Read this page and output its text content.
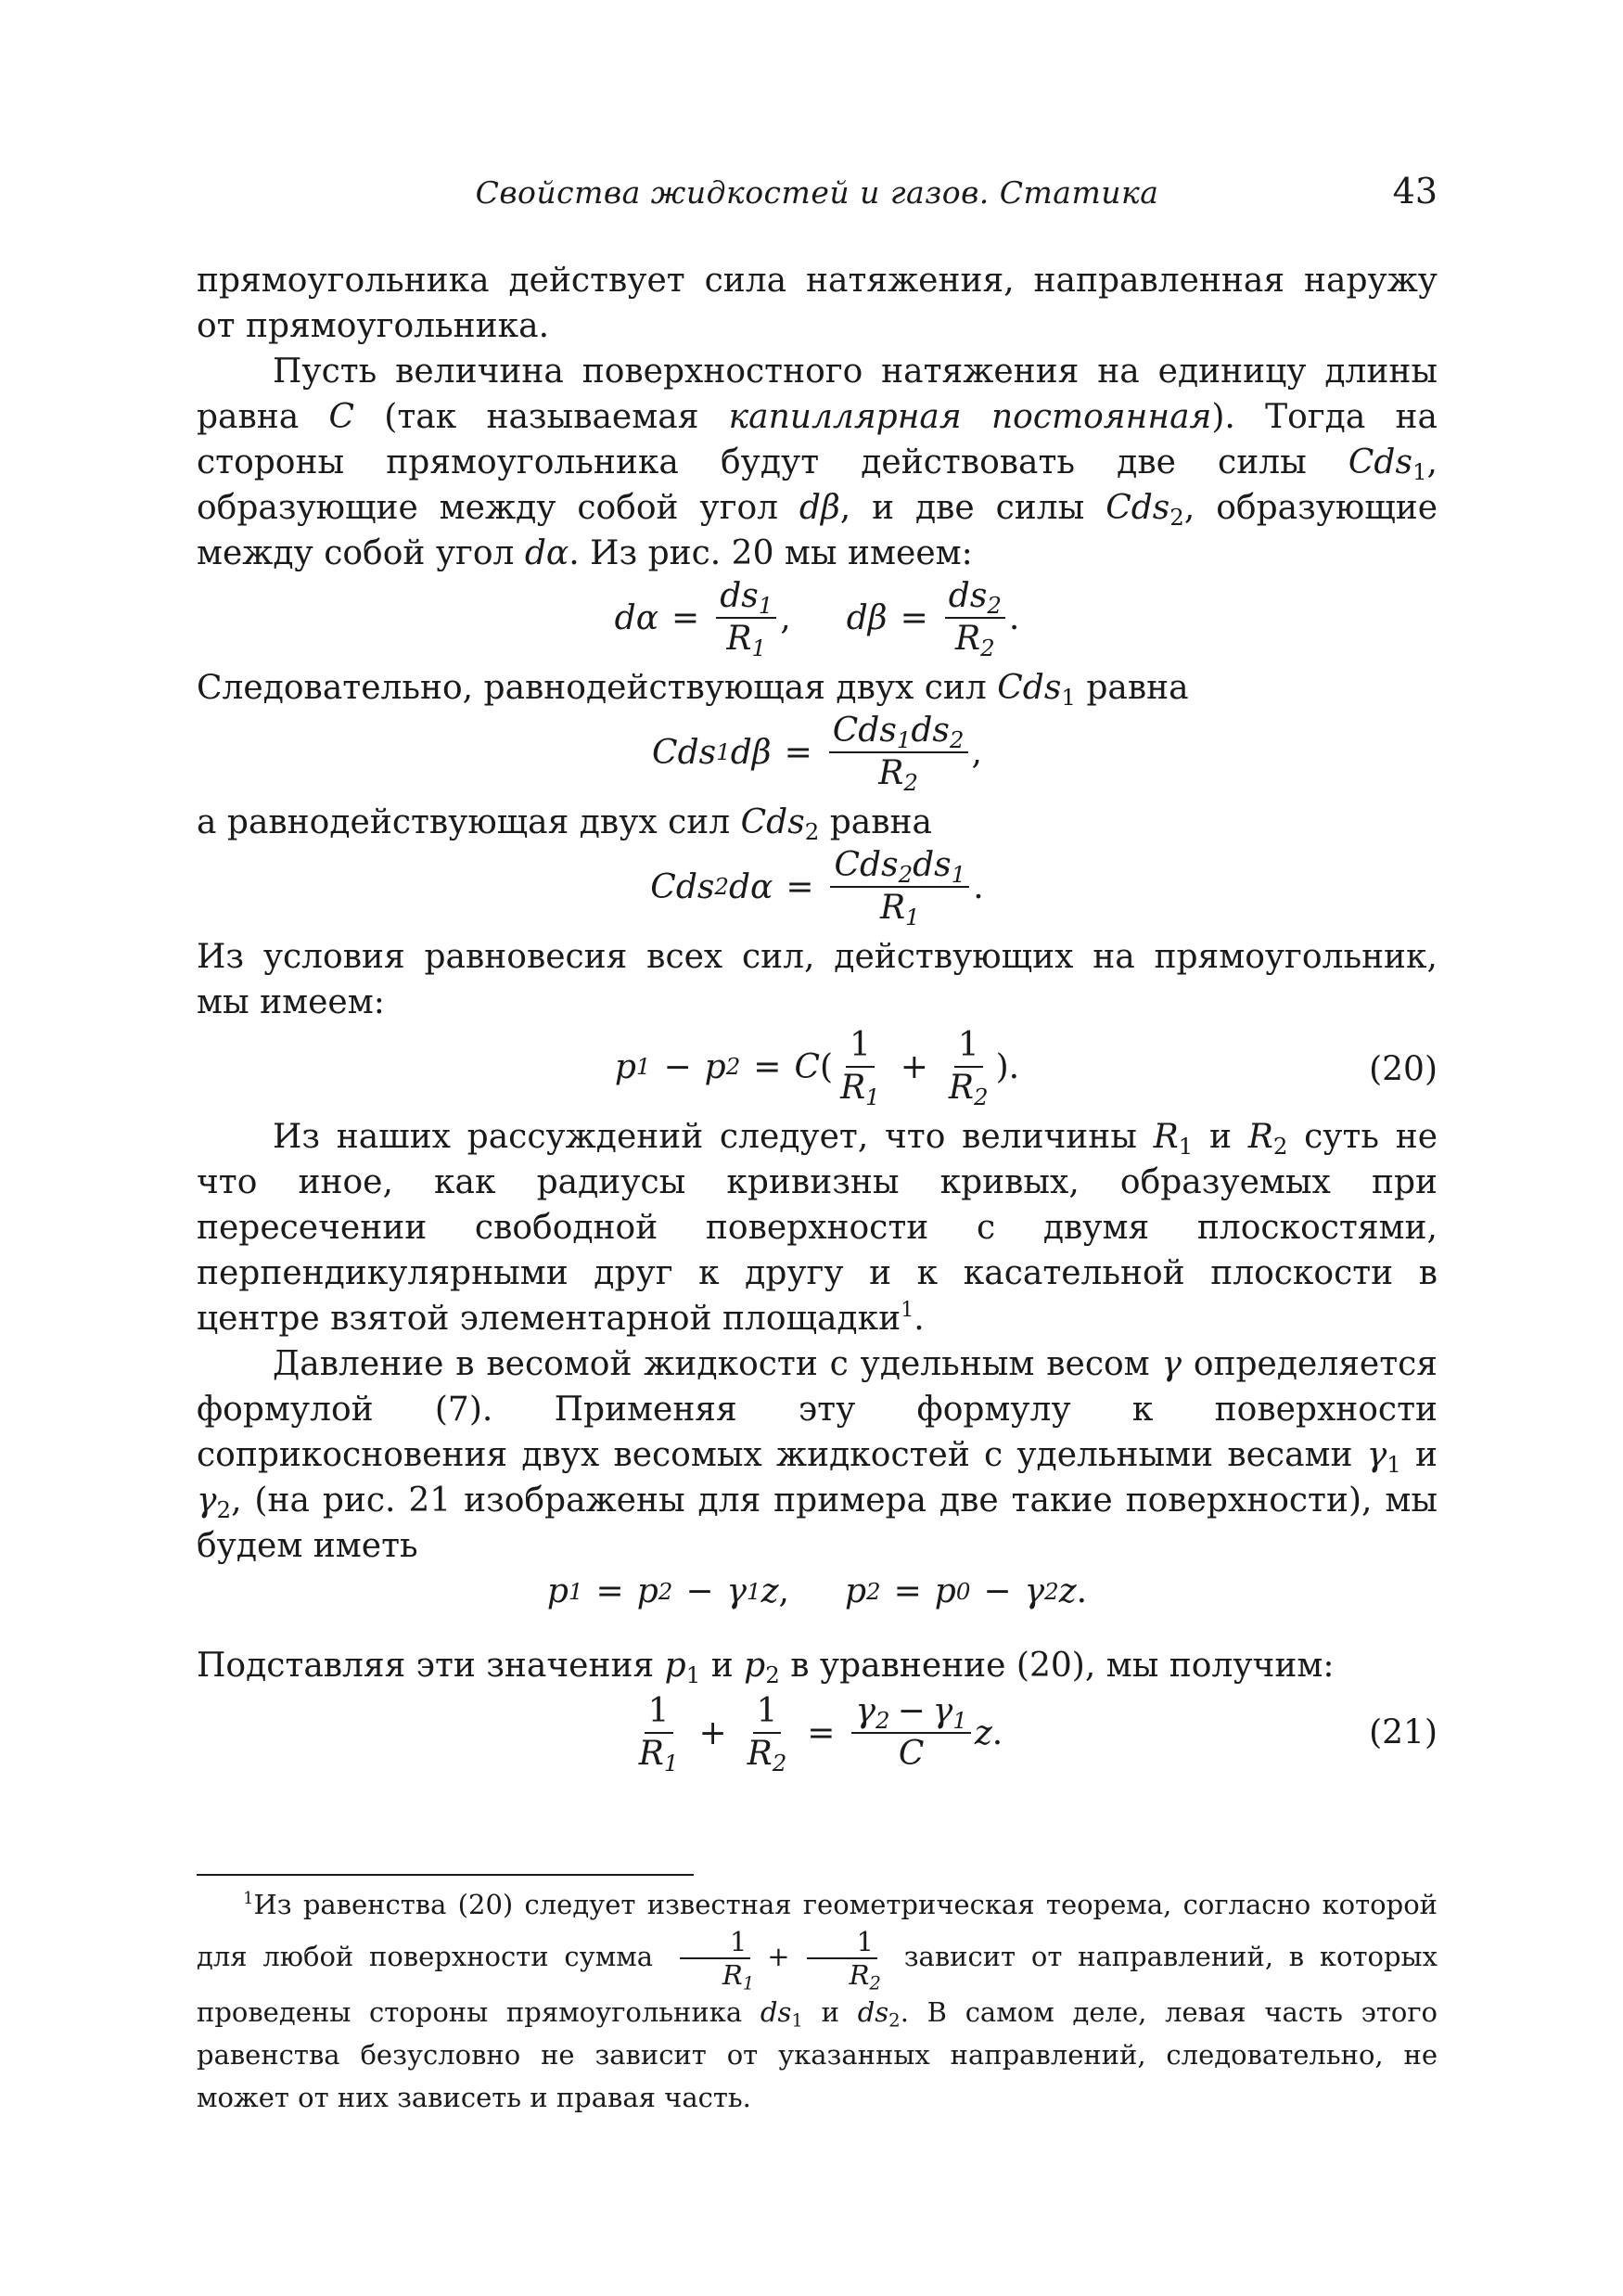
Свойства жидкостей и газов. Статика	43

прямоугольника действует сила натяжения, направленная наружу от прямоугольника.

Пусть величина поверхностного натяжения на единицу длины равна C (так называемая капиллярная постоянная). Тогда на стороны прямоугольника будут действовать две силы Cds$_1$, образующие между собой угол dβ, и две силы Cds$_2$, образующие между собой угол dα. Из рис. 20 мы имеем:

$d\alpha = \frac{ds_1}{R_1}$ , $d\beta = \frac{ds_2}{R_2}$ .

Следовательно, равнодействующая двух сил Cds$_1$ равна

Cds 1 $d\beta = \frac{Cds_1ds_2}{R_2}$ ,

а равнодействующая двух сил Cds$_2$ равна

Cds 2 $d\alpha = \frac{Cds_2ds_1}{R_1}$ .

Из условия равновесия всех сил, действующих на прямоугольник, мы имеем:

p 1 − p 2 = C ( $\frac{1}{R_1} + \frac{1}{R_2}$ ).	(20)

Из наших рассуждений следует, что величины $R_1$ и $R_2$ суть не что иное, как радиусы кривизны кривых, образуемых при пересечении свободной поверхности с двумя плоскостями, перпендикулярными друг к другу и к касательной плоскости в центре взятой элементарной площадки$^1$.

Давление в весомой жидкости с удельным весом γ определяется формулой (7). Применяя эту формулу к поверхности соприкосновения двух весомых жидкостей с удельными весами $\gamma_1$ и $\gamma_2$, (на рис. 21 изображены для примера две такие поверхности), мы будем иметь

p 1 = p 2 − γ 1 z , p 2 = p 0 − γ 2 z .

Подставляя эти значения $p_1$ и $p_2$ в уравнение (20), мы получим:

$\frac{1}{R_1} + \frac{1}{R_2} = \frac{\gamma_2 - \gamma_1}{C}$ z .	(21)

$^1$Из равенства (20) следует известная геометрическая теорема, согласно которой для любой поверхности сумма $\frac{1}{R_1} + \frac{1}{R_2}$ зависит от направлений, в которых проведены стороны прямоугольника $ds_1$ и $ds_2$. В самом деле, левая часть этого равенства безусловно не зависит от указанных направлений, следовательно, не может от них зависеть и правая часть.
